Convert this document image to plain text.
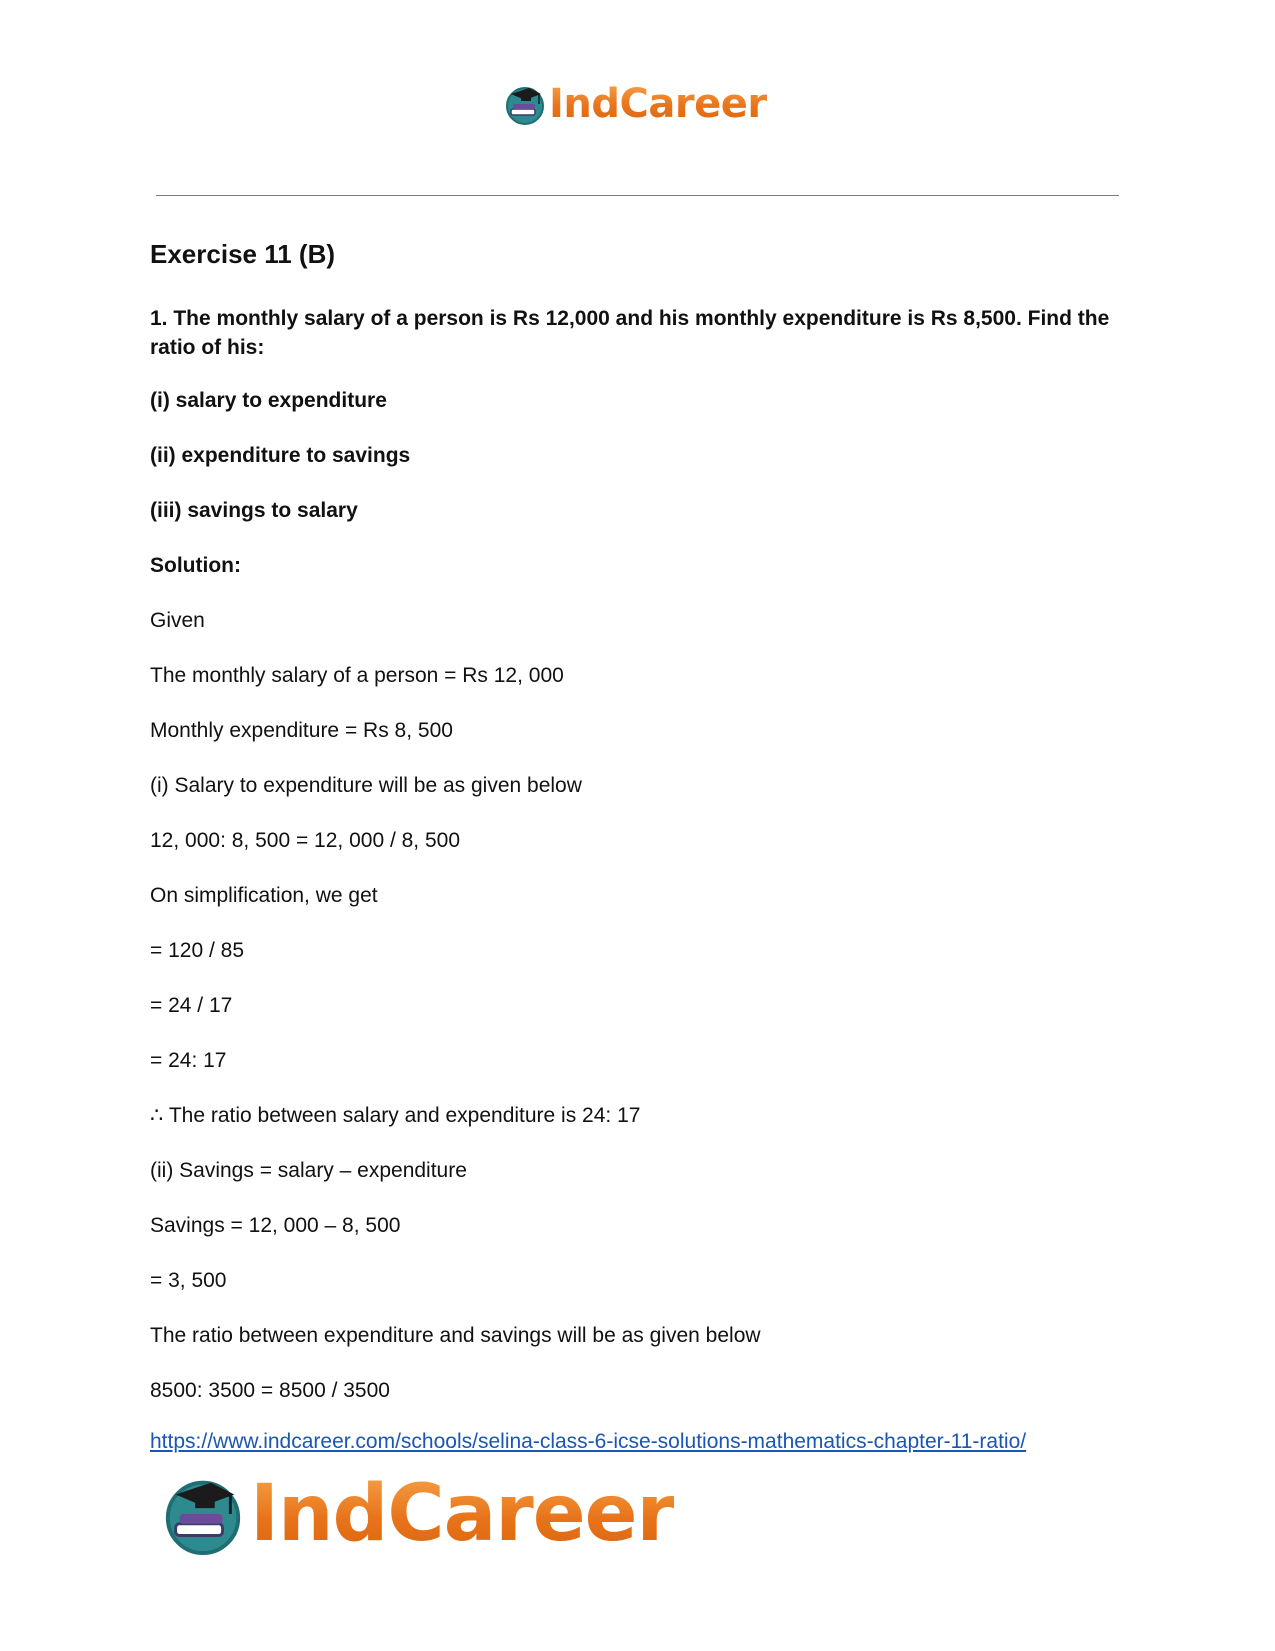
IndCareer
Exercise 11 (B)
1. The monthly salary of a person is Rs 12,000 and his monthly expenditure is Rs 8,500. Find the ratio of his:
(i) salary to expenditure
(ii) expenditure to savings
(iii) savings to salary
Solution:
Given
The monthly salary of a person = Rs 12, 000
Monthly expenditure = Rs 8, 500
(i) Salary to expenditure will be as given below
12, 000: 8, 500 = 12, 000 / 8, 500
On simplification, we get
= 120 / 85
= 24 / 17
= 24: 17
∴ The ratio between salary and expenditure is 24: 17
(ii) Savings = salary – expenditure
Savings = 12, 000 – 8, 500
= 3, 500
The ratio between expenditure and savings will be as given below
8500: 3500 = 8500 / 3500
https://www.indcareer.com/schools/selina-class-6-icse-solutions-mathematics-chapter-11-ratio/
IndCareer
